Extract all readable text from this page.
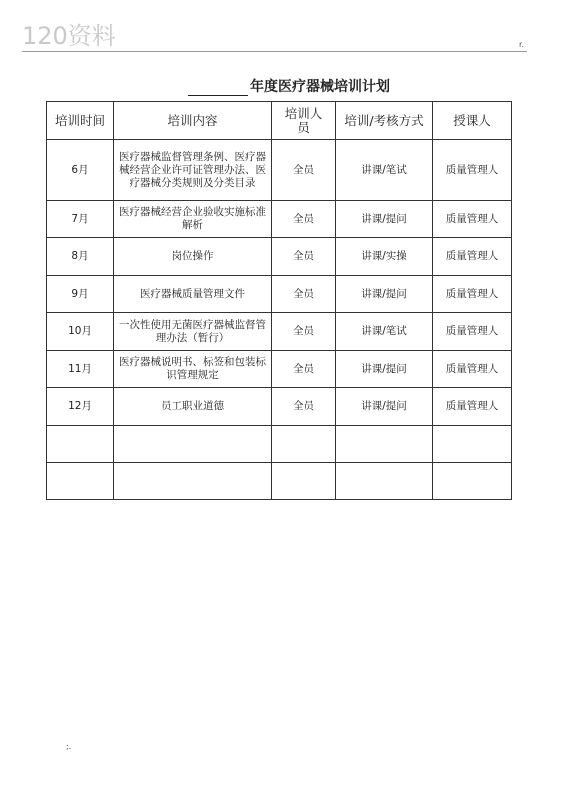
120资料	r.
年度医疗器械培训计划
培训时间	培训内容	培训人员	培训/考核方式	授课人
6月	医疗器械监督管理条例、医疗器械经营企业许可证管理办法、医疗器械分类规则及分类目录	全员	讲课/笔试	质量管理人
7月	医疗器械经营企业验收实施标准解析	全员	讲课/提问	质量管理人
8月	岗位操作	全员	讲课/实操	质量管理人
9月	医疗器械质量管理文件	全员	讲课/提问	质量管理人
10月	一次性使用无菌医疗器械监督管理办法（暂行）	全员	讲课/笔试	质量管理人
11月	医疗器械说明书、标签和包装标识管理规定	全员	讲课/提问	质量管理人
12月	员工职业道德	全员	讲课/提问	质量管理人

;.
